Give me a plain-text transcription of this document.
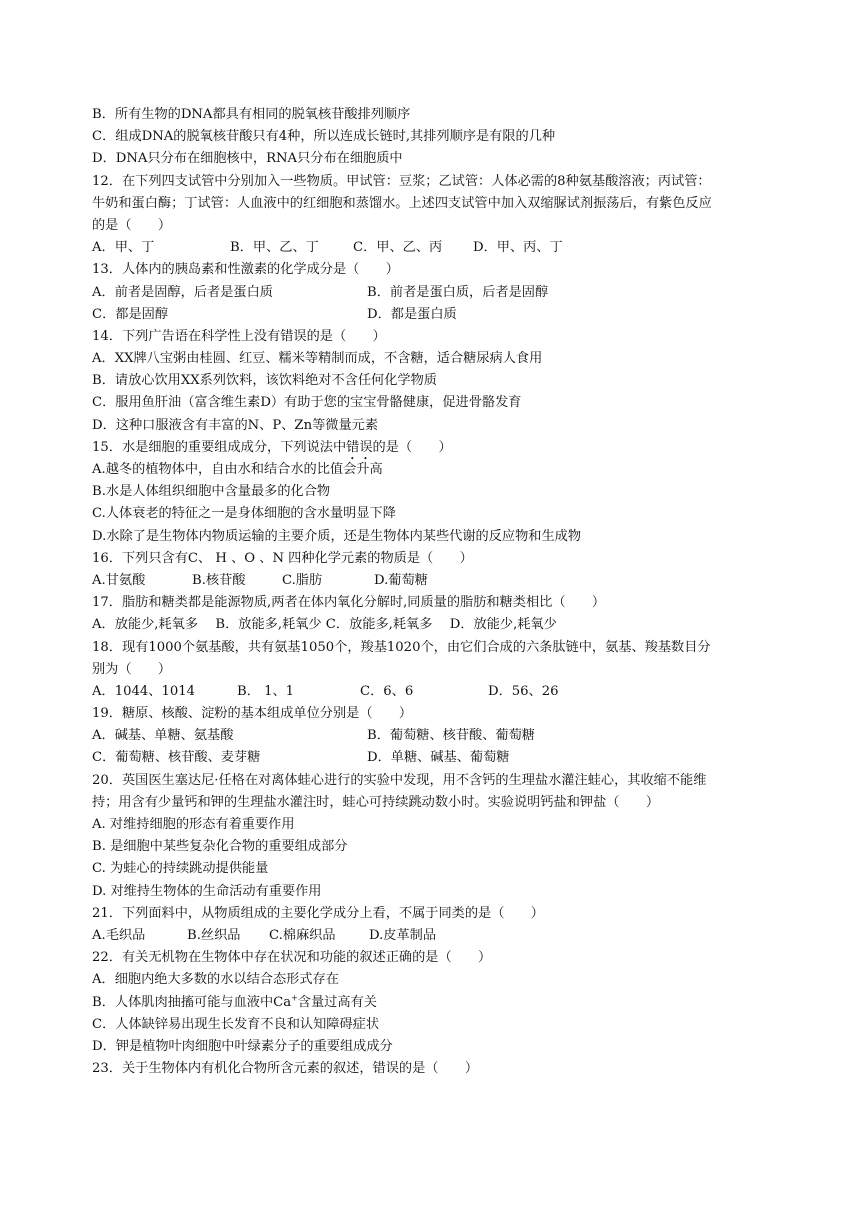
B．所有生物的DNA都具有相同的脱氧核苷酸排列顺序
C．组成DNA的脱氧核苷酸只有4种，所以连成长链时,其排列顺序是有限的几种
D．DNA只分布在细胞核中，RNA只分布在细胞质中
12．在下列四支试管中分别加入一些物质。甲试管：豆浆；乙试管：人体必需的8种氨基酸溶液；丙试管：
牛奶和蛋白酶；丁试管：人血液中的红细胞和蒸馏水。上述四支试管中加入双缩脲试剂振荡后，有紫色反应
的是（　　）
A．甲、丁	B．甲、乙、丁	C．甲、乙、丙	D．甲、丙、丁
13．人体内的胰岛素和性激素的化学成分是（　　）
A．前者是固醇，后者是蛋白质	B．前者是蛋白质，后者是固醇
C．都是固醇	D．都是蛋白质
14．下列广告语在科学性上没有错误的是（　　）
A．XX牌八宝粥由桂圆、红豆、糯米等精制而成，不含糖，适合糖尿病人食用
B．请放心饮用XX系列饮料，该饮料绝对不含任何化学物质
C．服用鱼肝油（富含维生素D）有助于您的宝宝骨骼健康，促进骨骼发育
D．这种口服液含有丰富的N、P、Zn等微量元素
15．水是细胞的重要组成成分，下列说法中错误的是（　　）
A.越冬的植物体中，自由水和结合水的比值会升高
B.水是人体组织细胞中含量最多的化合物
C.人体衰老的特征之一是身体细胞的含水量明显下降
D.水除了是生物体内物质运输的主要介质，还是生物体内某些代谢的反应物和生成物
16．下列只含有C、 H 、O 、N 四种化学元素的物质是（　　）
A.甘氨酸	B.核苷酸	C.脂肪	D.葡萄糖
17．脂肪和糖类都是能源物质,两者在体内氧化分解时,同质量的脂肪和糖类相比（　　）
A．放能少,耗氧多　 B．放能多,耗氧少 C．放能多,耗氧多　 D．放能少,耗氧少
18．现有1000个氨基酸，共有氨基1050个，羧基1020个，由它们合成的六条肽链中，氨基、羧基数目分
别为（　　）
A．1044、1014	B． 1、1	C．6、6	D．56、26
19．糖原、核酸、淀粉的基本组成单位分别是（　　）
A．碱基、单糖、氨基酸	B．葡萄糖、核苷酸、葡萄糖
C．葡萄糖、核苷酸、麦芽糖	D．单糖、碱基、葡萄糖
20．英国医生塞达尼·任格在对离体蛙心进行的实验中发现，用不含钙的生理盐水灌注蛙心，其收缩不能维
持；用含有少量钙和钾的生理盐水灌注时，蛙心可持续跳动数小时。实验说明钙盐和钾盐（　　）
A. 对维持细胞的形态有着重要作用
B. 是细胞中某些复杂化合物的重要组成部分
C. 为蛙心的持续跳动提供能量
D. 对维持生物体的生命活动有重要作用
21．下列面料中，从物质组成的主要化学成分上看，不属于同类的是（　　）
A.毛织品	B.丝织品 C.棉麻织品	D.皮革制品
22．有关无机物在生物体中存在状况和功能的叙述正确的是（　　）
A．细胞内绝大多数的水以结合态形式存在
B．人体肌肉抽搐可能与血液中Ca+含量过高有关
C．人体缺锌易出现生长发育不良和认知障碍症状
D．钾是植物叶肉细胞中叶绿素分子的重要组成成分
23．关于生物体内有机化合物所含元素的叙述，错误的是（　　）
